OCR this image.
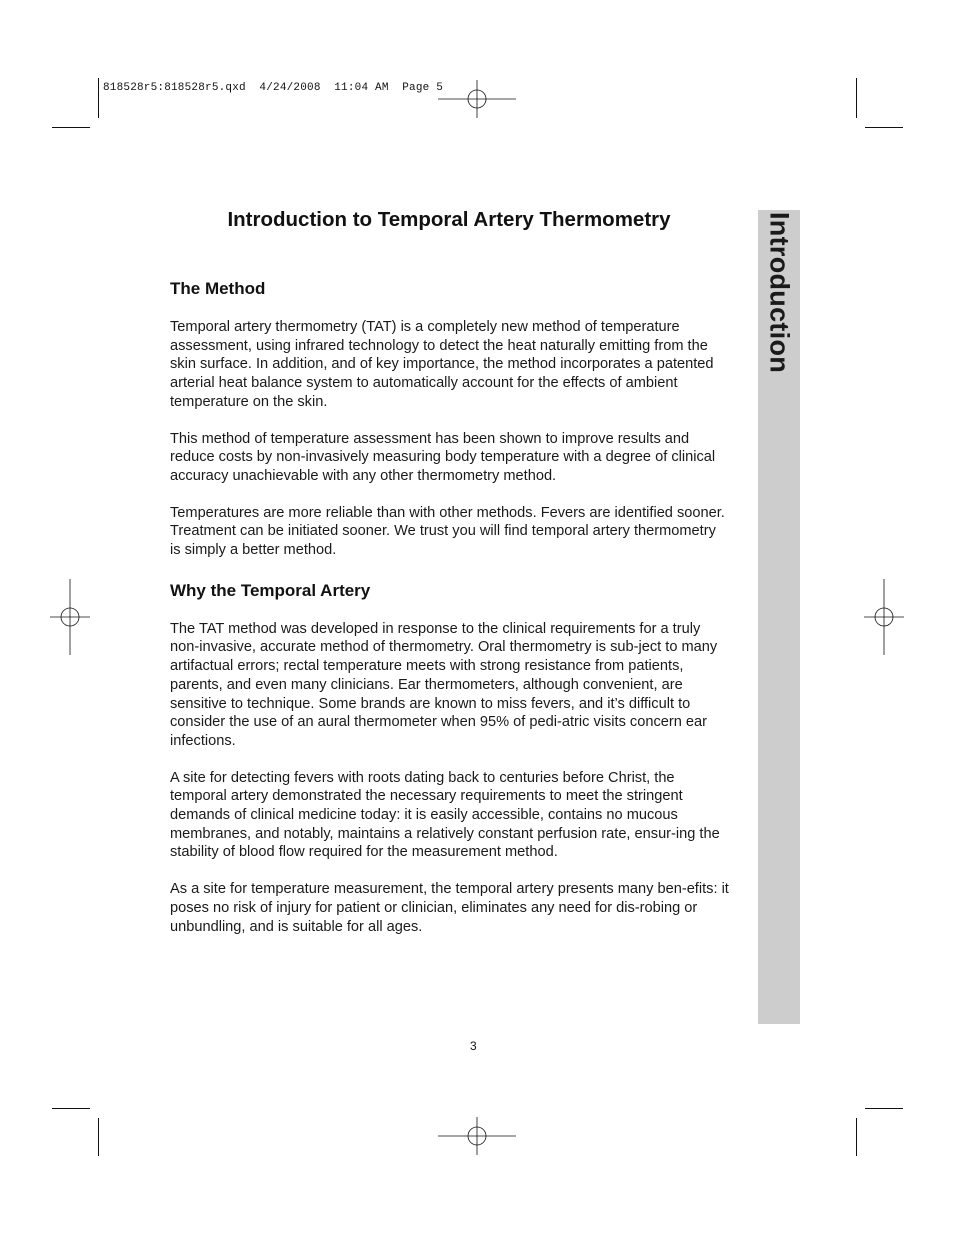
818528r5:818528r5.qxd  4/24/2008  11:04 AM  Page 5
Introduction
Introduction to Temporal Artery Thermometry
The Method

Temporal artery thermometry (TAT) is a completely new method of temperature assessment, using infrared technology to detect the heat naturally emitting from the skin surface. In addition, and of key importance, the method incorporates a patented arterial heat balance system to automatically account for the effects of ambient temperature on the skin.

This method of temperature assessment has been shown to improve results and reduce costs by non-invasively measuring body temperature with a degree of clinical accuracy unachievable with any other thermometry method.

Temperatures are more reliable than with other methods. Fevers are identified sooner. Treatment can be initiated sooner. We trust you will find temporal artery thermometry is simply a better method.

Why the Temporal Artery

The TAT method was developed in response to the clinical requirements for a truly non-invasive, accurate method of thermometry. Oral thermometry is sub-ject to many artifactual errors; rectal temperature meets with strong resistance from patients, parents, and even many clinicians. Ear thermometers, although convenient, are sensitive to technique. Some brands are known to miss fevers, and it’s difficult to consider the use of an aural thermometer when 95% of pedi-atric visits concern ear infections.

A site for detecting fevers with roots dating back to centuries before Christ, the temporal artery demonstrated the necessary requirements to meet the stringent demands of clinical medicine today: it is easily accessible, contains no mucous membranes, and notably, maintains a relatively constant perfusion rate, ensur-ing the stability of blood flow required for the measurement method.

As a site for temperature measurement, the temporal artery presents many ben-efits: it poses no risk of injury for patient or clinician, eliminates any need for dis-robing or unbundling, and is suitable for all ages.

3
